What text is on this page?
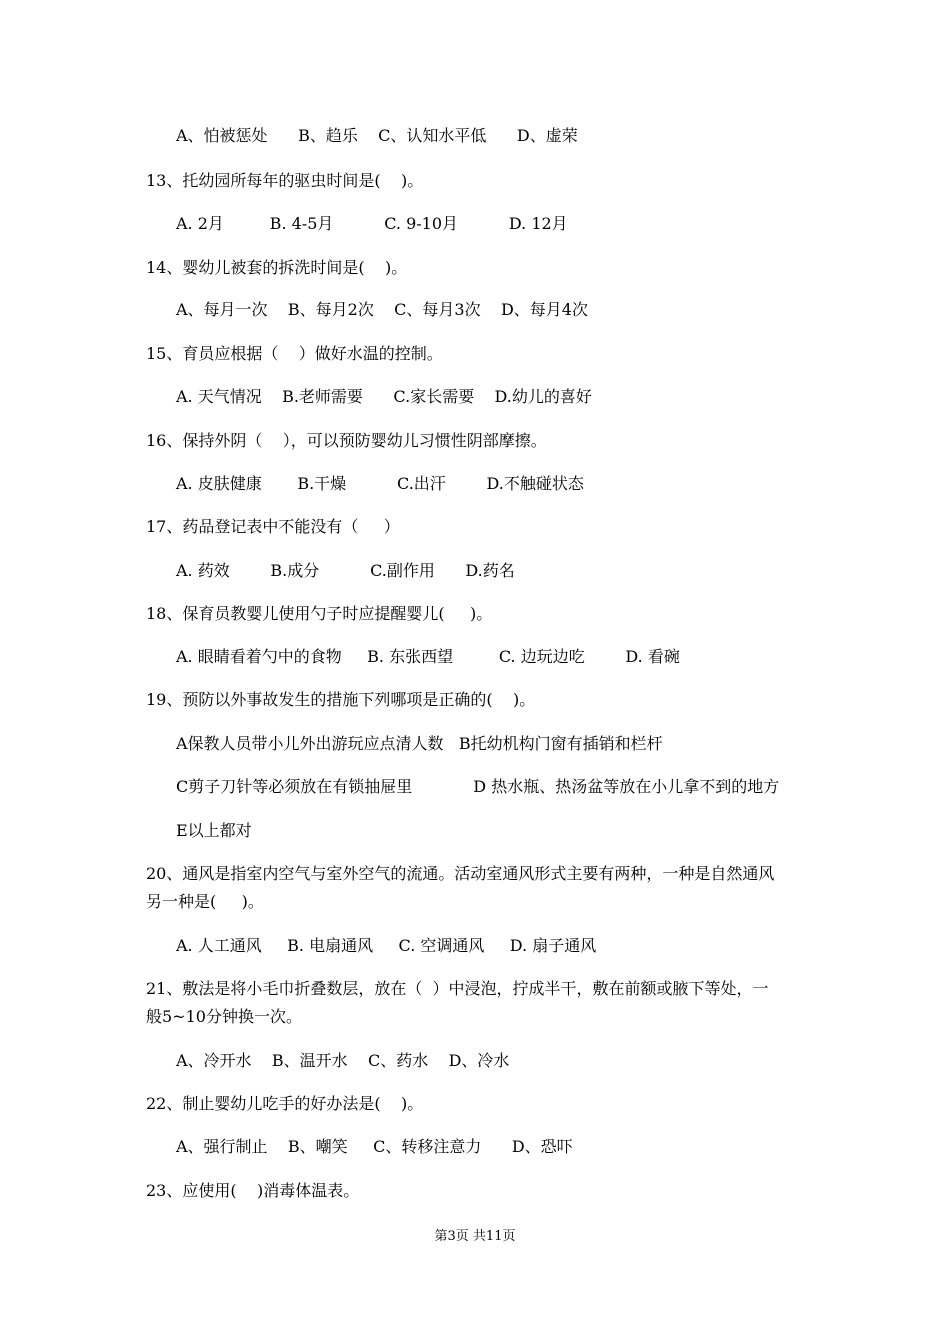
A、怕被惩处      B、趋乐    C、认知水平低      D、虚荣
13、托幼园所每年的驱虫时间是(    )。
A. 2月         B. 4-5月          C. 9-10月          D. 12月
14、婴幼儿被套的拆洗时间是(    )。
A、每月一次    B、每月2次    C、每月3次    D、每月4次
15、育员应根据（    ）做好水温的控制。
A. 天气情况    B.老师需要      C.家长需要    D.幼儿的喜好
16、保持外阴（    ），可以预防婴幼儿习惯性阴部摩擦。
A. 皮肤健康       B.干燥          C.出汗        D.不触碰状态
17、药品登记表中不能没有（     ）
A. 药效        B.成分          C.副作用      D.药名
18、保育员教婴儿使用勺子时应提醒婴儿(     )。
A. 眼睛看着勺中的食物     B. 东张西望         C. 边玩边吃        D. 看碗
19、预防以外事故发生的措施下列哪项是正确的(    )。
A保教人员带小儿外出游玩应点清人数   B托幼机构门窗有插销和栏杆
C剪子刀针等必须放在有锁抽屉里            D 热水瓶、热汤盆等放在小儿拿不到的地方
E以上都对
20、通风是指室内空气与室外空气的流通。活动室通风形式主要有两种，一种是自然通风
另一种是(     )。
A. 人工通风     B. 电扇通风     C. 空调通风     D. 扇子通风
21、敷法是将小毛巾折叠数层，放在（  ）中浸泡，拧成半干，敷在前额或腋下等处，一
般5~10分钟换一次。
A、冷开水    B、温开水    C、药水    D、冷水
22、制止婴幼儿吃手的好办法是(    )。
A、强行制止    B、嘲笑     C、转移注意力      D、恐吓
23、应使用(    )消毒体温表。
第3页 共11页
